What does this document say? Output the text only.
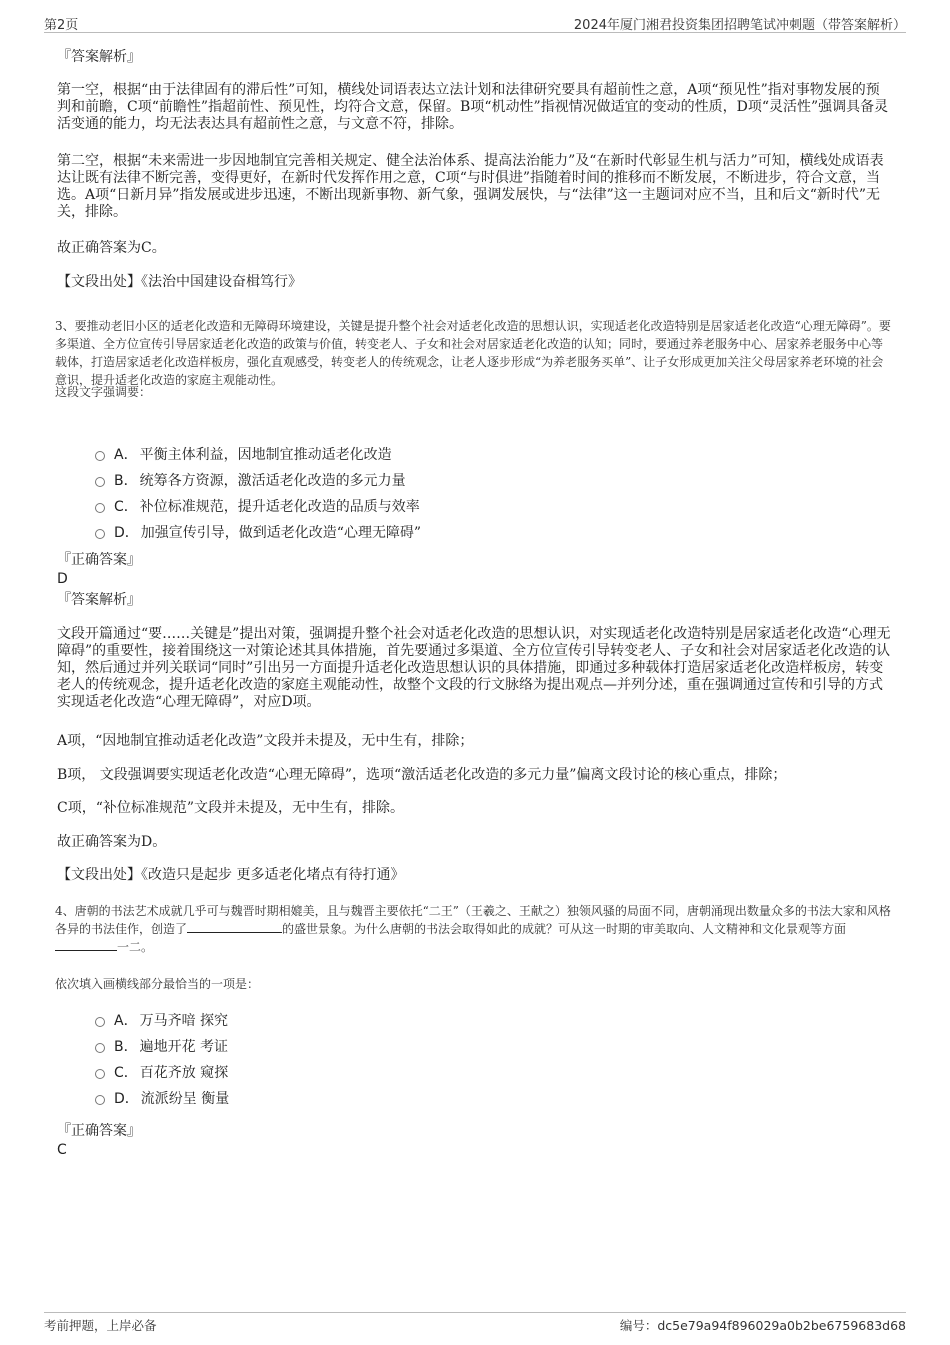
第2页	2024年厦门湘君投资集团招聘笔试冲刺题（带答案解析）
『答案解析』
第一空，根据“由于法律固有的滞后性”可知，横线处词语表达立法计划和法律研究要具有超前性之意，A项“预见性”指对事物发展的预判和前瞻，C项“前瞻性”指超前性、预见性，均符合文意，保留。B项“机动性”指视情况做适宜的变动的性质，D项“灵活性”强调具备灵活变通的能力，均无法表达具有超前性之意，与文意不符，排除。
第二空，根据“未来需进一步因地制宜完善相关规定、健全法治体系、提高法治能力”及“在新时代彰显生机与活力”可知，横线处成语表达让既有法律不断完善，变得更好，在新时代发挥作用之意，C项“与时俱进”指随着时间的推移而不断发展，不断进步，符合文意，当选。A项“日新月异”指发展或进步迅速，不断出现新事物、新气象，强调发展快，与“法律”这一主题词对应不当，且和后文“新时代”无关，排除。
故正确答案为C。
【文段出处】《法治中国建设奋楫笃行》
3、要推动老旧小区的适老化改造和无障碍环境建设，关键是提升整个社会对适老化改造的思想认识，实现适老化改造特别是居家适老化改造“心理无障碍”。要多渠道、全方位宣传引导居家适老化改造的政策与价值，转变老人、子女和社会对居家适老化改造的认知；同时，要通过养老服务中心、居家养老服务中心等载体，打造居家适老化改造样板房，强化直观感受，转变老人的传统观念，让老人逐步形成“为养老服务买单”、让子女形成更加关注父母居家养老环境的社会意识，提升适老化改造的家庭主观能动性。
这段文字强调要：
A． 平衡主体利益，因地制宜推动适老化改造
B． 统筹各方资源，激活适老化改造的多元力量
C． 补位标准规范，提升适老化改造的品质与效率
D． 加强宣传引导，做到适老化改造“心理无障碍”
『正确答案』
D
『答案解析』
文段开篇通过“要……关键是”提出对策，强调提升整个社会对适老化改造的思想认识，对实现适老化改造特别是居家适老化改造“心理无障碍”的重要性，接着围绕这一对策论述其具体措施，首先要通过多渠道、全方位宣传引导转变老人、子女和社会对居家适老化改造的认知，然后通过并列关联词“同时”引出另一方面提升适老化改造思想认识的具体措施，即通过多种载体打造居家适老化改造样板房，转变老人的传统观念，提升适老化改造的家庭主观能动性，故整个文段的行文脉络为提出观点—并列分述，重在强调通过宣传和引导的方式实现适老化改造“心理无障碍”，对应D项。
A项，“因地制宜推动适老化改造”文段并未提及，无中生有，排除；
B项， 文段强调要实现适老化改造“心理无障碍”，选项“激活适老化改造的多元力量”偏离文段讨论的核心重点，排除；
C项，“补位标准规范”文段并未提及，无中生有，排除。
故正确答案为D。
【文段出处】《改造只是起步 更多适老化堵点有待打通》
4、唐朝的书法艺术成就几乎可与魏晋时期相媲美，且与魏晋主要依托“二王”（王羲之、王献之）独领风骚的局面不同，唐朝涌现出数量众多的书法大家和风格各异的书法佳作，创造了	的盛世景象。为什么唐朝的书法会取得如此的成就？可从这一时期的审美取向、人文精神和文化景观等方面一二。
依次填入画横线部分最恰当的一项是：
A． 万马齐喑 探究
B． 遍地开花 考证
C． 百花齐放 窥探
D． 流派纷呈 衡量
『正确答案』
C
考前押题，上岸必备	编号：dc5e79a94f896029a0b2be6759683d68
